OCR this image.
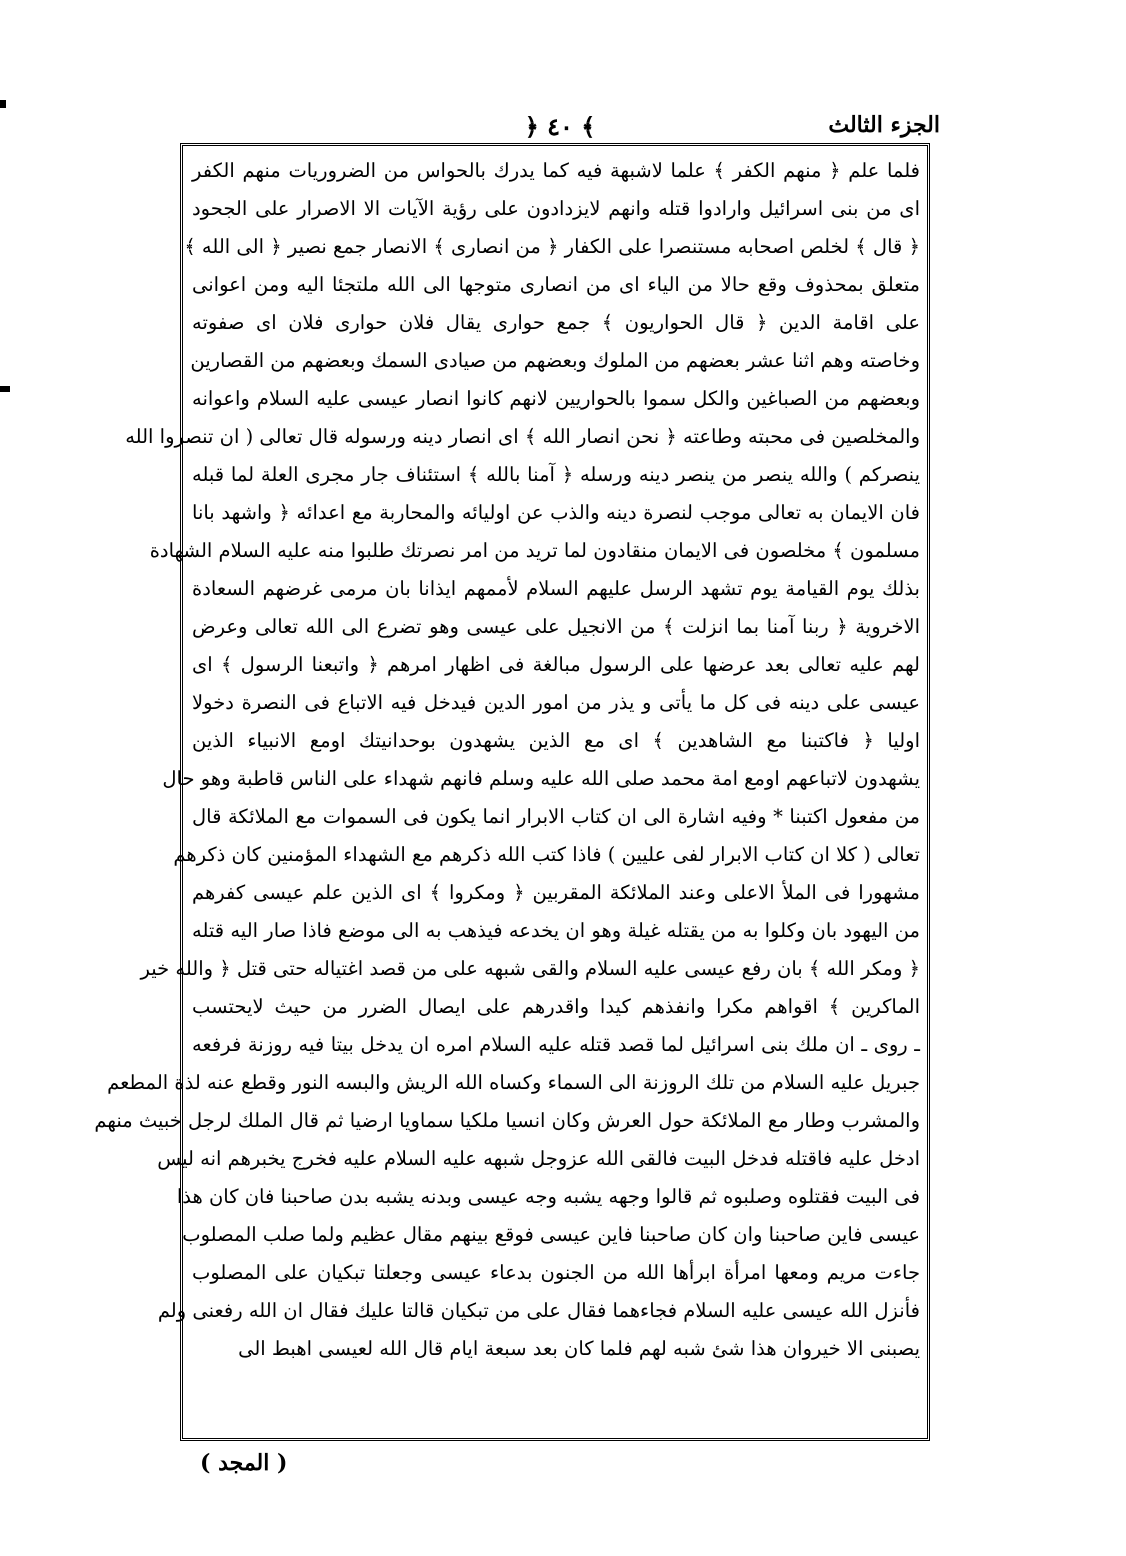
﴿ ٤٠ ﴾	الجزء الثالث
فلما علم ﴿ منهم الكفر ﴾ علما لاشبهة فيه كما يدرك بالحواس من الضروريات منهم الكفر
اى من بنى اسرائيل وارادوا قتله وانهم لايزدادون على رؤية الآيات الا الاصرار على الجحود
﴿ قال ﴾ لخلص اصحابه مستنصرا على الكفار ﴿ من انصارى ﴾ الانصار جمع نصير ﴿ الى الله ﴾
متعلق بمحذوف وقع حالا من الياء اى من انصارى متوجها الى الله ملتجئا اليه ومن اعوانى
على اقامة الدين ﴿ قال الحواريون ﴾ جمع حوارى يقال فلان حوارى فلان اى صفوته
وخاصته وهم اثنا عشر بعضهم من الملوك وبعضهم من صيادى السمك وبعضهم من القصارين
وبعضهم من الصباغين والكل سموا بالحواريين لانهم كانوا انصار عيسى عليه السلام واعوانه
والمخلصين فى محبته وطاعته ﴿ نحن انصار الله ﴾ اى انصار دينه ورسوله قال تعالى ( ان تنصروا الله
ينصركم ) والله ينصر من ينصر دينه ورسله ﴿ آمنا بالله ﴾ استئناف جار مجرى العلة لما قبله
فان الايمان به تعالى موجب لنصرة دينه والذب عن اوليائه والمحاربة مع اعدائه ﴿ واشهد بانا
مسلمون ﴾ مخلصون فى الايمان منقادون لما تريد من امر نصرتك طلبوا منه عليه السلام الشهادة
بذلك يوم القيامة يوم تشهد الرسل عليهم السلام لأممهم ايذانا بان مرمى غرضهم السعادة
الاخروية ﴿ ربنا آمنا بما انزلت ﴾ من الانجيل على عيسى وهو تضرع الى الله تعالى وعرض
لهم عليه تعالى بعد عرضها على الرسول مبالغة فى اظهار امرهم ﴿ واتبعنا الرسول ﴾ اى
عيسى على دينه فى كل ما يأتى و يذر من امور الدين فيدخل فيه الاتباع فى النصرة دخولا
اوليا ﴿ فاكتبنا مع الشاهدين ﴾ اى مع الذين يشهدون بوحدانيتك اومع الانبياء الذين
يشهدون لاتباعهم اومع امة محمد صلى الله عليه وسلم فانهم شهداء على الناس قاطبة وهو حال
من مفعول اكتبنا * وفيه اشارة الى ان كتاب الابرار انما يكون فى السموات مع الملائكة قال
تعالى ( كلا ان كتاب الابرار لفى عليين ) فاذا كتب الله ذكرهم مع الشهداء المؤمنين كان ذكرهم
مشهورا فى الملأ الاعلى وعند الملائكة المقربين ﴿ ومكروا ﴾ اى الذين علم عيسى كفرهم
من اليهود بان وكلوا به من يقتله غيلة وهو ان يخدعه فيذهب به الى موضع فاذا صار اليه قتله
﴿ ومكر الله ﴾ بان رفع عيسى عليه السلام والقى شبهه على من قصد اغتياله حتى قتل ﴿ والله خير
الماكرين ﴾ اقواهم مكرا وانفذهم كيدا واقدرهم على ايصال الضرر من حيث لايحتسب
ـ روى ـ ان ملك بنى اسرائيل لما قصد قتله عليه السلام امره ان يدخل بيتا فيه روزنة فرفعه
جبريل عليه السلام من تلك الروزنة الى السماء وكساه الله الريش والبسه النور وقطع عنه لذة المطعم
والمشرب وطار مع الملائكة حول العرش وكان انسيا ملكيا سماويا ارضيا ثم قال الملك لرجل خبيث منهم
ادخل عليه فاقتله فدخل البيت فالقى الله عزوجل شبهه عليه السلام عليه فخرج يخبرهم انه ليس
فى البيت فقتلوه وصلبوه ثم قالوا وجهه يشبه وجه عيسى وبدنه يشبه بدن صاحبنا فان كان هذا
عيسى فاين صاحبنا وان كان صاحبنا فاين عيسى فوقع بينهم مقال عظيم ولما صلب المصلوب
جاءت مريم ومعها امرأة ابرأها الله من الجنون بدعاء عيسى وجعلتا تبكيان على المصلوب
فأنزل الله عيسى عليه السلام فجاءهما فقال على من تبكيان قالتا عليك فقال ان الله رفعنى ولم
يصبنى الا خيروان هذا شئ شبه لهم فلما كان بعد سبعة ايام قال الله لعيسى اهبط الى
( المجد )
